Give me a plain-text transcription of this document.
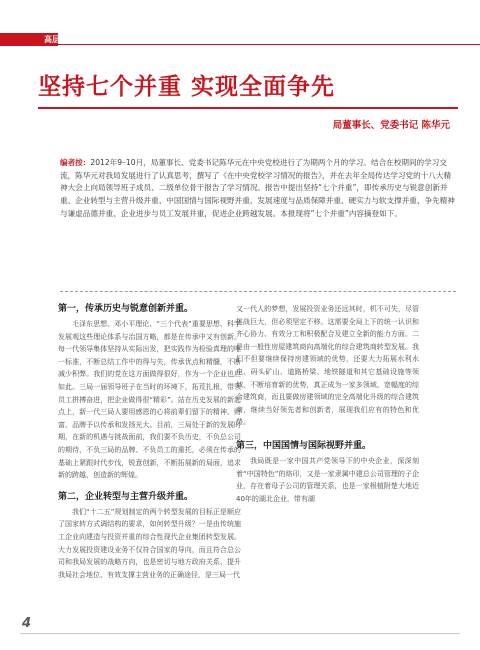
高层
坚持七个并重 实现全面争先
局董事长、党委书记 陈华元
编者按：2012年9–10月，局董事长、党委书记陈华元在中央党校进行了为期两个月的学习。结合在校期间的学习交流，陈华元对我局发展进行了认真思考，撰写了《在中央党校学习情况的报告》，并在去年全局传达学习党的十八大精神大会上向局领导班子成员、二级单位骨干报告了学习情况。报告中提出坚持“七个并重”，即传承历史与锐意创新并重、企业转型与主营升级并重、中国国情与国际视野并重、发展速度与品质保障并重、硬实力与软支撑并重、争先精神与谦虚品德并重、企业进步与员工发展并重，促进企业跨越发展。本报现将“七个并重”内容摘登如下。
第一，传承历史与锐意创新并重。

毛泽东思想、邓小平理论、“三个代表”重要思想、科学发展观这些理论体系与治国方略，都是在传承中又有创新。每一代领导集体坚持从实际出发，把实践作为检验真理的唯一标准，不断总结工作中的得与失，传承优点和精髓，不断减少积弊。我们的党在这方面做得很好，作为一个企业也应如此。三局一届领导班子在当时的环境下，拓荒扎根，带领员工拼搏奋进，把企业做得很“精彩”。站在历史发展的新起点上，新一代三局人要用感恩的心将前辈们留下的精神、财富、品牌予以传承和发扬光大。目前，三局处于新的发展时期，在新的机遇与挑战面前，我们要不负历史，不负总公司的期待，不负三局的品牌、不负员工的重托，必须在传承的基础上紧跟时代步伐，锐意创新，不断拓展新的局面，追求新的跨越，创造新的辉煌。

第二，企业转型与主营升级并重。

我们“十二五”规划制定的两个转型发展的目标正是顺应了国家转方式调结构的要求，如何转型升级？一是由传统施工企业向建造与投资并重的综合性现代企业集团转型发展。大力发展投资建设业务不仅符合国家的导向，而且符合总公司和我局发展的战略方向，也是密切与地方政府关系、提升我局社会地位、有效支撑主营业务的正确途径，是三局一代

又一代人的梦想，发展投资业务还远其时，机不可失，尽管挑战巨大，但必须坚定不移。这需要全局上下的统一认识和齐心协力、有效分工和积极配合及建立全新的能力方面。二是由一般性房屋建筑商向高端化的综合建筑商转型发展。我们不但要继续保持房建领域的优势，还要大力拓展水利水电、码头矿山、道路桥梁、地铁隧道和其它基础设施等领域，不断培育新的优势，真正成为一家多领域、宽幅度的综合建筑商，而且要做房建领域的完全高端化升级的综合建筑商，继续当好领先者和创新者，展现我们应有的特色和优势。

第三，中国国情与国际视野并重。

我局既是一家中国共产党领导下的中央企业，深深刻着“中国特色”的烙印，又是一家隶属中建总公司管理的子企业，存在着母子公司的管理关系，也是一家根植附楚大地近40年的湖北企业，带有湖

4
